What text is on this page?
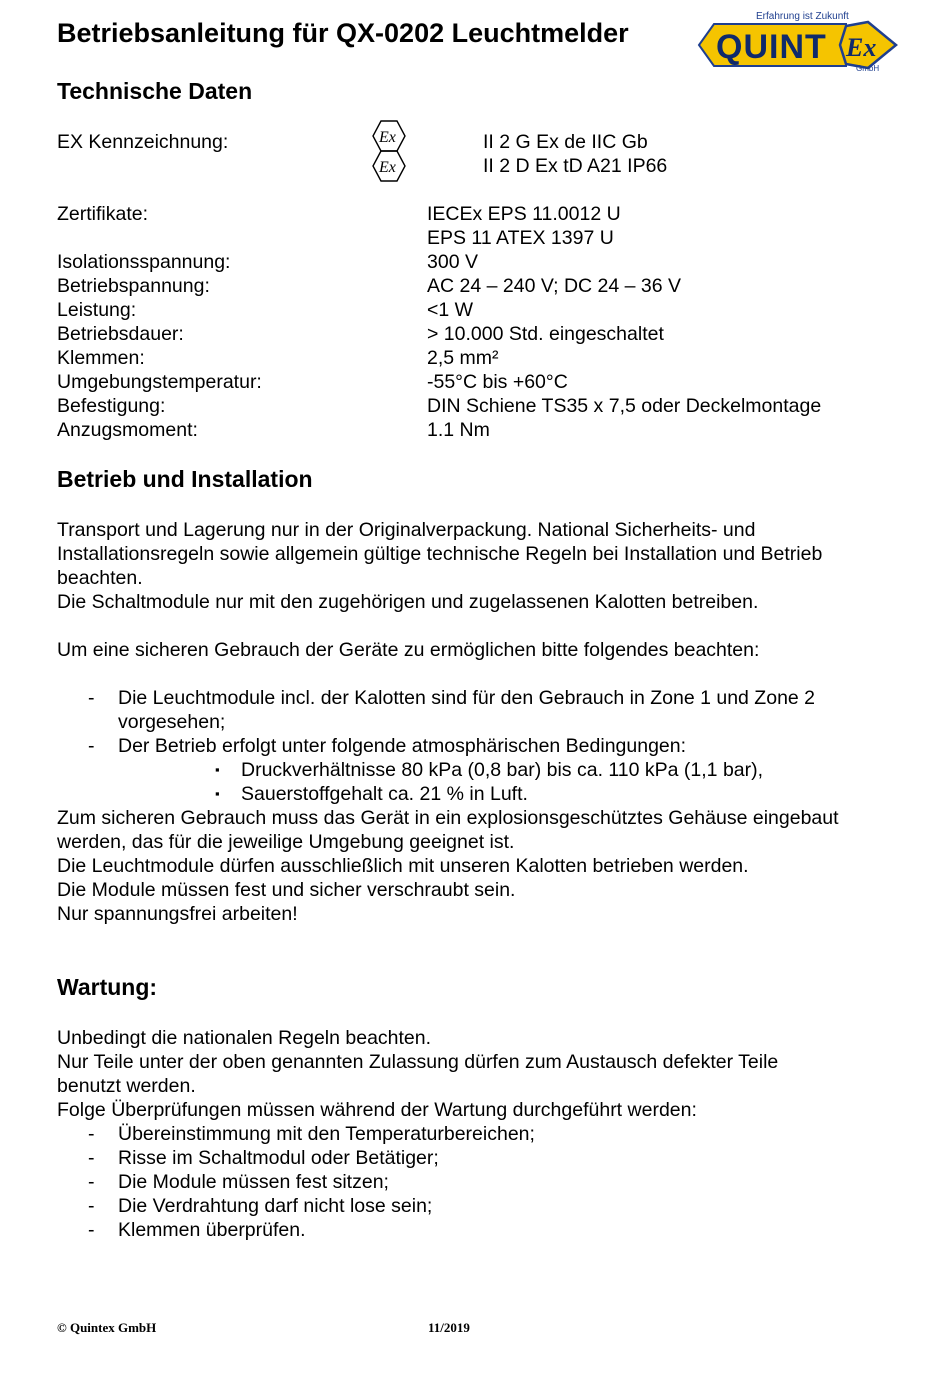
Betriebsanleitung für QX-0202 Leuchtmelder
Erfahrung ist Zukunft
QUINT Ex
GmbH
Technische Daten
EX Kennzeichnung:	Ex	II 2 G Ex de IIC Gb
Ex	II 2 D Ex tD A21 IP66
Zertifikate:	IECEx EPS 11.0012 U
EPS 11 ATEX 1397 U
Isolationsspannung:	300 V
Betriebspannung:	AC 24 – 240 V; DC 24 – 36 V
Leistung:	<1 W
Betriebsdauer:	> 10.000 Std. eingeschaltet
Klemmen:	2,5 mm²
Umgebungstemperatur:	-55°C bis +60°C
Befestigung:	DIN Schiene TS35 x 7,5 oder Deckelmontage
Anzugsmoment:	1.1 Nm
Betrieb und Installation

Transport und Lagerung nur in der Originalverpackung. National Sicherheits- und

Installationsregeln sowie allgemein gültige technische Regeln bei Installation und Betrieb

beachten.

Die Schaltmodule nur mit den zugehörigen und zugelassenen Kalotten betreiben.

Um eine sicheren Gebrauch der Geräte zu ermöglichen bitte folgendes beachten:

- Die Leuchtmodule incl. der Kalotten sind für den Gebrauch in Zone 1 und Zone 2
vorgesehen;
- Der Betrieb erfolgt unter folgende atmosphärischen Bedingungen:
▪ Druckverhältnisse 80 kPa (0,8 bar) bis ca. 110 kPa (1,1 bar),
▪ Sauerstoffgehalt ca. 21 % in Luft.

Zum sicheren Gebrauch muss das Gerät in ein explosionsgeschütztes Gehäuse eingebaut

werden, das für die jeweilige Umgebung geeignet ist.

Die Leuchtmodule dürfen ausschließlich mit unseren Kalotten betrieben werden.

Die Module müssen fest und sicher verschraubt sein.

Nur spannungsfrei arbeiten!

Wartung:

Unbedingt die nationalen Regeln beachten.

Nur Teile unter der oben genannten Zulassung dürfen zum Austausch defekter Teile

benutzt werden.

Folge Überprüfungen müssen während der Wartung durchgeführt werden:

- Übereinstimmung mit den Temperaturbereichen;
- Risse im Schaltmodul oder Betätiger;
- Die Module müssen fest sitzen;
- Die Verdrahtung darf nicht lose sein;
- Klemmen überprüfen.
© Quintex GmbH	11/2019
